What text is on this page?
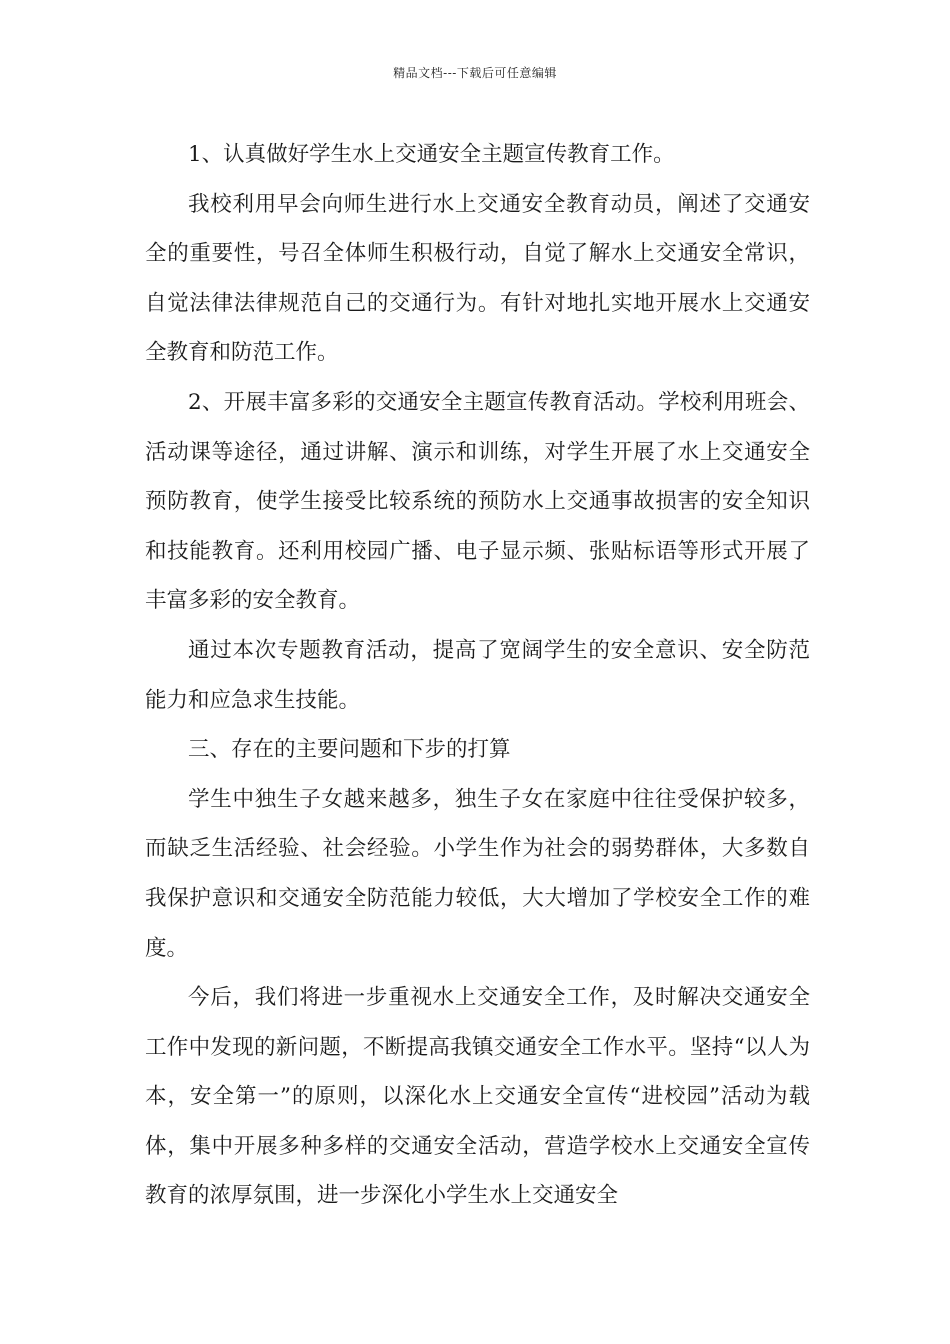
精品文档---下载后可任意编辑

1、认真做好学生水上交通安全主题宣传教育工作。

我校利用早会向师生进行水上交通安全教育动员，阐述了交通安全的重要性，号召全体师生积极行动，自觉了解水上交通安全常识，自觉法律法律规范自己的交通行为。有针对地扎实地开展水上交通安全教育和防范工作。

2、开展丰富多彩的交通安全主题宣传教育活动。学校利用班会、活动课等途径，通过讲解、演示和训练，对学生开展了水上交通安全预防教育，使学生接受比较系统的预防水上交通事故损害的安全知识和技能教育。还利用校园广播、电子显示频、张贴标语等形式开展了丰富多彩的安全教育。

通过本次专题教育活动，提高了宽阔学生的安全意识、安全防范能力和应急求生技能。

三、存在的主要问题和下步的打算

学生中独生子女越来越多，独生子女在家庭中往往受保护较多，而缺乏生活经验、社会经验。小学生作为社会的弱势群体，大多数自我保护意识和交通安全防范能力较低，大大增加了学校安全工作的难度。

今后，我们将进一步重视水上交通安全工作，及时解决交通安全工作中发现的新问题，不断提高我镇交通安全工作水平。坚持“以人为本，安全第一”的原则，以深化水上交通安全宣传“进校园”活动为载体，集中开展多种多样的交通安全活动，营造学校水上交通安全宣传教育的浓厚氛围，进一步深化小学生水上交通安全
